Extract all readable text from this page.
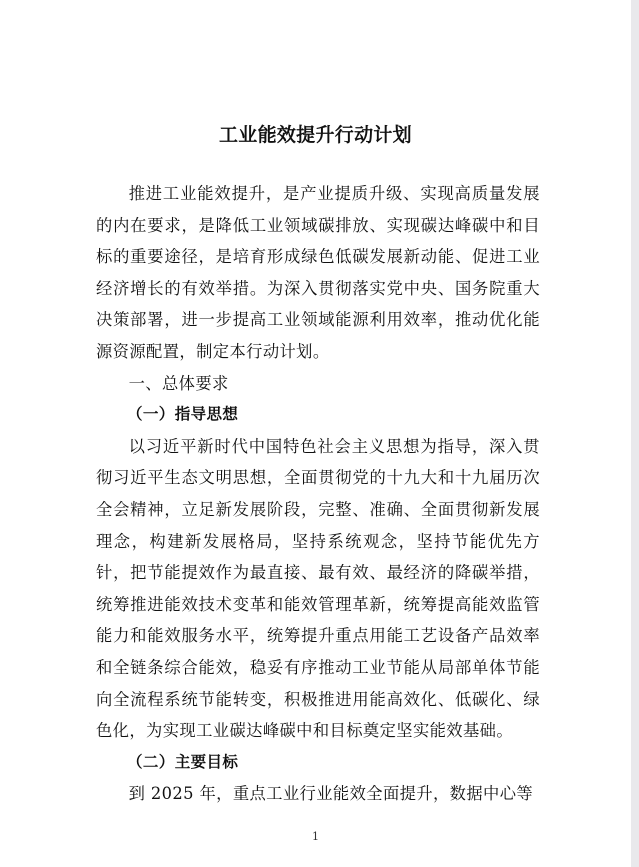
工业能效提升行动计划

推进工业能效提升，是产业提质升级、实现高质量发展的内在要求，是降低工业领域碳排放、实现碳达峰碳中和目标的重要途径，是培育形成绿色低碳发展新动能、促进工业经济增长的有效举措。为深入贯彻落实党中央、国务院重大决策部署，进一步提高工业领域能源利用效率，推动优化能源资源配置，制定本行动计划。

一、总体要求

（一）指导思想

以习近平新时代中国特色社会主义思想为指导，深入贯彻习近平生态文明思想，全面贯彻党的十九大和十九届历次全会精神，立足新发展阶段，完整、准确、全面贯彻新发展理念，构建新发展格局，坚持系统观念，坚持节能优先方针，把节能提效作为最直接、最有效、最经济的降碳举措，统筹推进能效技术变革和能效管理革新，统筹提高能效监管能力和能效服务水平，统筹提升重点用能工艺设备产品效率和全链条综合能效，稳妥有序推动工业节能从局部单体节能向全流程系统节能转变，积极推进用能高效化、低碳化、绿色化，为实现工业碳达峰碳中和目标奠定坚实能效基础。

（二）主要目标

到 2025 年，重点工业行业能效全面提升，数据中心等

1
